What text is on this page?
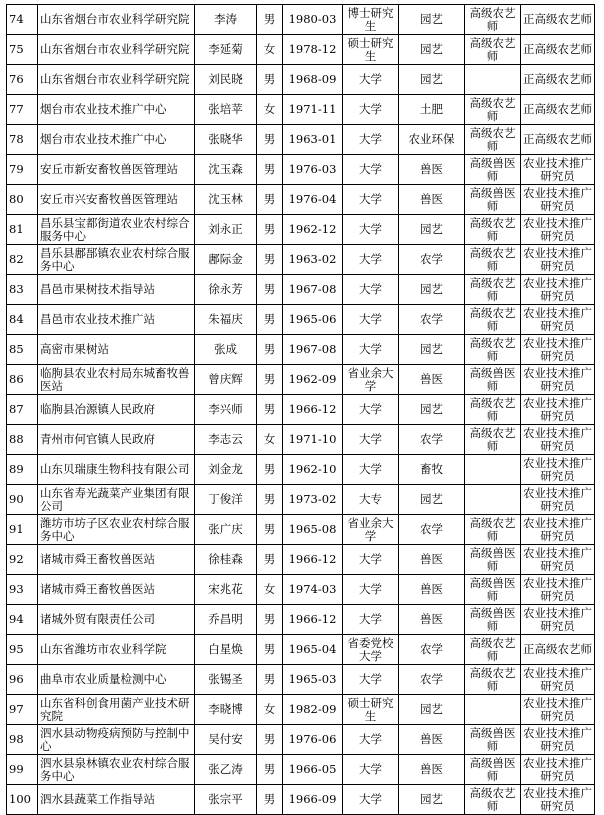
74	山东省烟台市农业科学研究院	李涛	男	1980-03	博士研究生	园艺	高级农艺师	正高级农艺师
75	山东省烟台市农业科学研究院	李延菊	女	1978-12	硕士研究生	园艺	高级农艺师	正高级农艺师
76	山东省烟台市农业科学研究院	刘民晓	男	1968-09	大学	园艺		正高级农艺师
77	烟台市农业技术推广中心	张培苹	女	1971-11	大学	土肥	高级农艺师	正高级农艺师
78	烟台市农业技术推广中心	张晓华	男	1963-01	大学	农业环保	高级农艺师	正高级农艺师
79	安丘市新安畜牧兽医管理站	沈玉森	男	1976-03	大学	兽医	高级兽医师	农业技术推广研究员
80	安丘市兴安畜牧兽医管理站	沈玉林	男	1976-04	大学	兽医	高级兽医师	农业技术推广研究员
81	昌乐县宝都街道农业农村综合服务中心	刘永正	男	1962-12	大学	园艺	高级农艺师	农业技术推广研究员
82	昌乐县鄌郚镇农业农村综合服务中心	鄌际金	男	1963-02	大学	农学	高级农艺师	农业技术推广研究员
83	昌邑市果树技术指导站	徐永芳	男	1967-08	大学	园艺	高级农艺师	农业技术推广研究员
84	昌邑市农业技术推广站	朱福庆	男	1965-06	大学	农学	高级农艺师	农业技术推广研究员
85	高密市果树站	张成	男	1967-08	大学	园艺	高级农艺师	农业技术推广研究员
86	临朐县农业农村局东城畜牧兽医站	曾庆辉	男	1962-09	省业余大学	兽医	高级兽医师	农业技术推广研究员
87	临朐县冶源镇人民政府	李兴师	男	1966-12	大学	园艺	高级农艺师	农业技术推广研究员
88	青州市何官镇人民政府	李志云	女	1971-10	大学	农学	高级农艺师	农业技术推广研究员
89	山东贝瑞康生物科技有限公司	刘金龙	男	1962-10	大学	畜牧		农业技术推广研究员
90	山东省寿光蔬菜产业集团有限公司	丁俊洋	男	1973-02	大专	园艺		农业技术推广研究员
91	潍坊市坊子区农业农村综合服务中心	张广庆	男	1965-08	省业余大学	农学	高级农艺师	农业技术推广研究员
92	诸城市舜王畜牧兽医站	徐桂森	男	1966-12	大学	兽医	高级兽医师	农业技术推广研究员
93	诸城市舜王畜牧兽医站	宋兆花	女	1974-03	大学	兽医	高级兽医师	农业技术推广研究员
94	诸城外贸有限责任公司	乔昌明	男	1966-12	大学	兽医	高级兽医师	农业技术推广研究员
95	山东省潍坊市农业科学院	白星焕	男	1965-04	省委党校大学	农学	高级农艺师	正高级农艺师
96	曲阜市农业质量检测中心	张锡圣	男	1965-03	大学	农学	高级农艺师	农业技术推广研究员
97	山东省科创食用菌产业技术研究院	李晓博	女	1982-09	硕士研究生	园艺		农业技术推广研究员
98	泗水县动物疫病预防与控制中心	吴付安	男	1976-06	大学	兽医	高级兽医师	农业技术推广研究员
99	泗水县泉林镇农业农村综合服务中心	张乙涛	男	1966-05	大学	兽医	高级兽医师	农业技术推广研究员
100	泗水县蔬菜工作指导站	张宗平	男	1966-09	大学	园艺	高级农艺师	农业技术推广研究员
